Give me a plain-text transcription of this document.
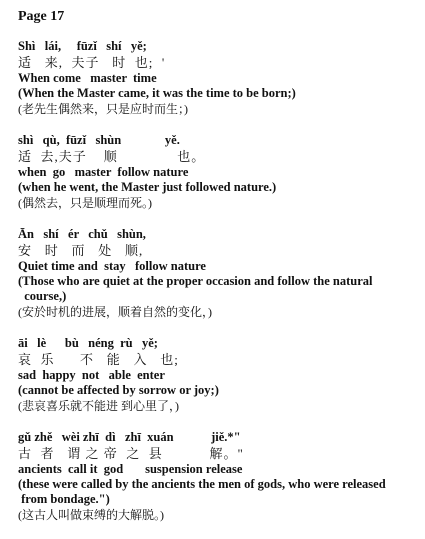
Page 17
Shì   lái,     fūzǐ   shí   yě;
适   来,  夫子   时  也;  '
When come   master  time
(When the Master came, it was the time to be born;)
(老先生偶然来，只是应时而生；)
shì   qù,  fūzǐ   shùn              yě.
适  去,夫子    顺              也。
when  go   master  follow nature
(when he went, the Master just followed nature.)
(偶然去，只是顺理而死。)
Ān   shí   ér   chǔ   shùn,
安   时   而   处   顺,
Quiet time and  stay   follow nature
(Those who are quiet at the proper occasion and follow the natural
course,)
(安於时机的进展，顺着自然的变化，)
āi   lè      bù   néng  rù   yě;
哀  乐      不   能   入   也;
sad  happy  not   able  enter
(cannot be affected by sorrow or joy;)
(悲哀喜乐就不能进 到心里了，)
gǔ zhě   wèi zhī  dì   zhī  xuán            jiě.*"
古  者   谓 之 帝  之  县           解。"
ancients  call it  god       suspension release
(these were called by the ancients the men of gods, who were released
from bondage.")
(这古人叫做束缚的大解脱。)
